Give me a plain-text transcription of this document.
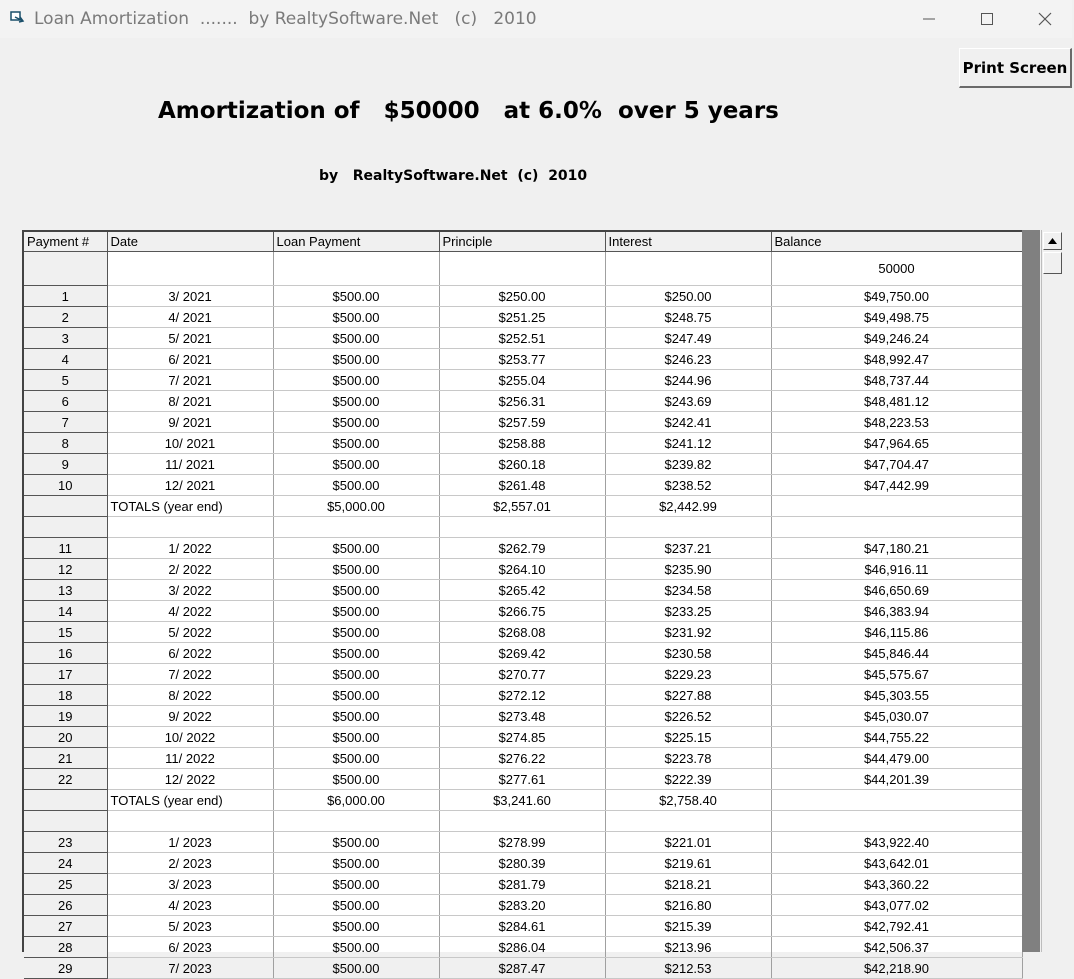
Loan Amortization  .......  by RealtySoftware.Net   (c)   2010
Print Screen
Amortization of   $50000   at 6.0%  over 5 years
by   RealtySoftware.Net  (c)  2010
Payment #	Date	Loan Payment	Principle	Interest	Balance
					50000
1	3/ 2021	$500.00	$250.00	$250.00	$49,750.00
2	4/ 2021	$500.00	$251.25	$248.75	$49,498.75
3	5/ 2021	$500.00	$252.51	$247.49	$49,246.24
4	6/ 2021	$500.00	$253.77	$246.23	$48,992.47
5	7/ 2021	$500.00	$255.04	$244.96	$48,737.44
6	8/ 2021	$500.00	$256.31	$243.69	$48,481.12
7	9/ 2021	$500.00	$257.59	$242.41	$48,223.53
8	10/ 2021	$500.00	$258.88	$241.12	$47,964.65
9	11/ 2021	$500.00	$260.18	$239.82	$47,704.47
10	12/ 2021	$500.00	$261.48	$238.52	$47,442.99
	TOTALS (year end)	$5,000.00	$2,557.01	$2,442.99	

11	1/ 2022	$500.00	$262.79	$237.21	$47,180.21
12	2/ 2022	$500.00	$264.10	$235.90	$46,916.11
13	3/ 2022	$500.00	$265.42	$234.58	$46,650.69
14	4/ 2022	$500.00	$266.75	$233.25	$46,383.94
15	5/ 2022	$500.00	$268.08	$231.92	$46,115.86
16	6/ 2022	$500.00	$269.42	$230.58	$45,846.44
17	7/ 2022	$500.00	$270.77	$229.23	$45,575.67
18	8/ 2022	$500.00	$272.12	$227.88	$45,303.55
19	9/ 2022	$500.00	$273.48	$226.52	$45,030.07
20	10/ 2022	$500.00	$274.85	$225.15	$44,755.22
21	11/ 2022	$500.00	$276.22	$223.78	$44,479.00
22	12/ 2022	$500.00	$277.61	$222.39	$44,201.39
	TOTALS (year end)	$6,000.00	$3,241.60	$2,758.40	

23	1/ 2023	$500.00	$278.99	$221.01	$43,922.40
24	2/ 2023	$500.00	$280.39	$219.61	$43,642.01
25	3/ 2023	$500.00	$281.79	$218.21	$43,360.22
26	4/ 2023	$500.00	$283.20	$216.80	$43,077.02
27	5/ 2023	$500.00	$284.61	$215.39	$42,792.41
28	6/ 2023	$500.00	$286.04	$213.96	$42,506.37
29	7/ 2023	$500.00	$287.47	$212.53	$42,218.90
